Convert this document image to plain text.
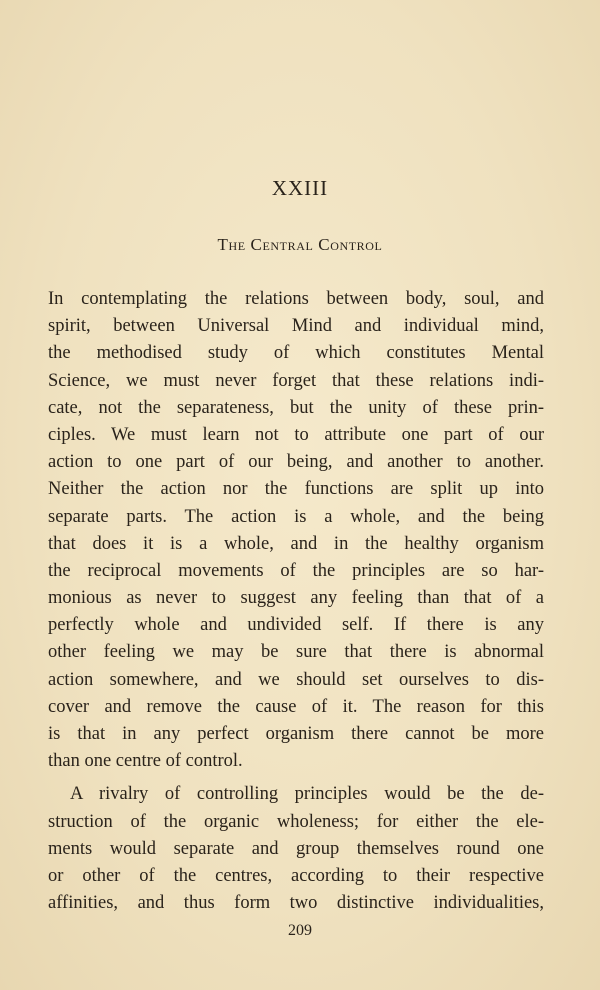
XXIII
The Central Control
In contemplating the relations between body, soul, and
spirit, between Universal Mind and individual mind,
the methodised study of which constitutes Mental
Science, we must never forget that these relations indi-
cate, not the separateness, but the unity of these prin-
ciples. We must learn not to attribute one part of our
action to one part of our being, and another to another.
Neither the action nor the functions are split up into
separate parts. The action is a whole, and the being
that does it is a whole, and in the healthy organism
the reciprocal movements of the principles are so har-
monious as never to suggest any feeling than that of a
perfectly whole and undivided self. If there is any
other feeling we may be sure that there is abnormal
action somewhere, and we should set ourselves to dis-
cover and remove the cause of it. The reason for this
is that in any perfect organism there cannot be more
than one centre of control.
A rivalry of controlling principles would be the de-
struction of the organic wholeness; for either the ele-
ments would separate and group themselves round one
or other of the centres, according to their respective
affinities, and thus form two distinctive individualities,
209
